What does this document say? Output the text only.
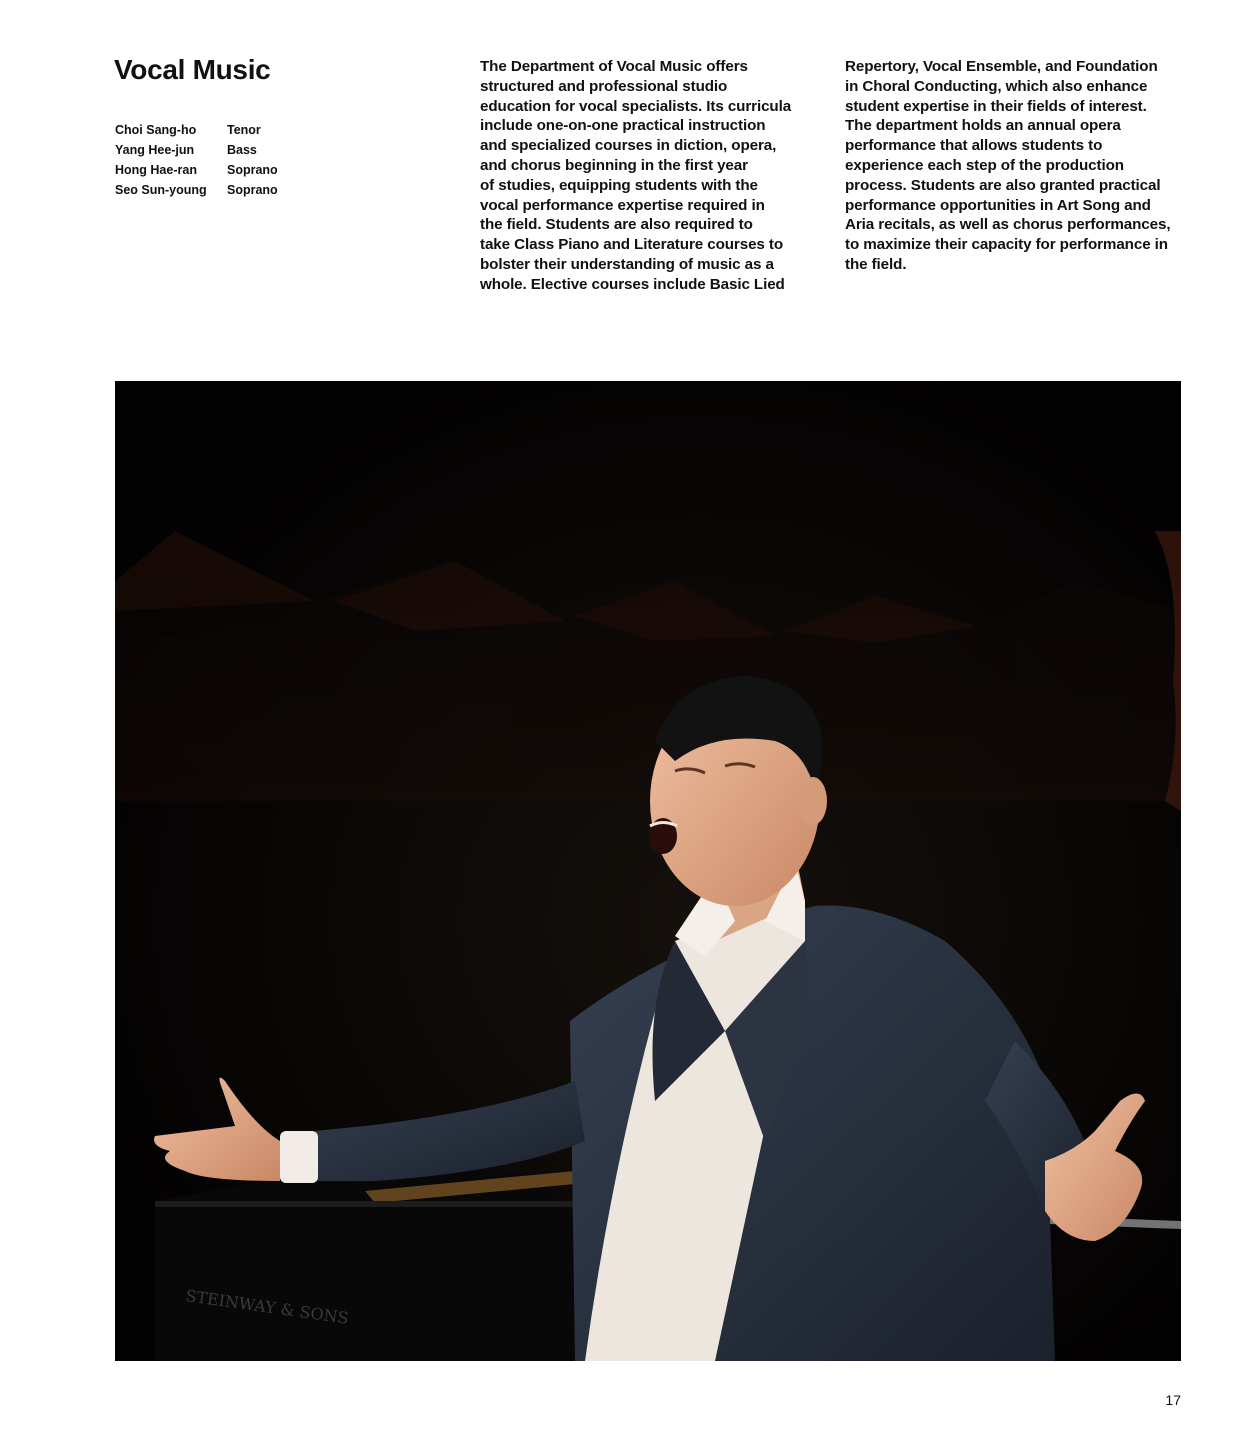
Vocal Music
Choi Sang-ho	Tenor
Yang Hee-jun	Bass
Hong Hae-ran	Soprano
Seo Sun-young	Soprano
The Department of Vocal Music offers
structured and professional studio
education for vocal specialists. Its curricula
include one-on-one practical instruction
and specialized courses in diction, opera,
and chorus beginning in the first year
of studies, equipping students with the
vocal performance expertise required in
the field. Students are also required to
take Class Piano and Literature courses to
bolster their understanding of music as a
whole. Elective courses include Basic Lied
Repertory, Vocal Ensemble, and Foundation
in Choral Conducting, which also enhance
student expertise in their fields of interest.
The department holds an annual opera
performance that allows students to
experience each step of the production
process. Students are also granted practical
performance opportunities in Art Song and
Aria recitals, as well as chorus performances,
to maximize their capacity for performance in
the field.
STEINWAY & SONS
17
